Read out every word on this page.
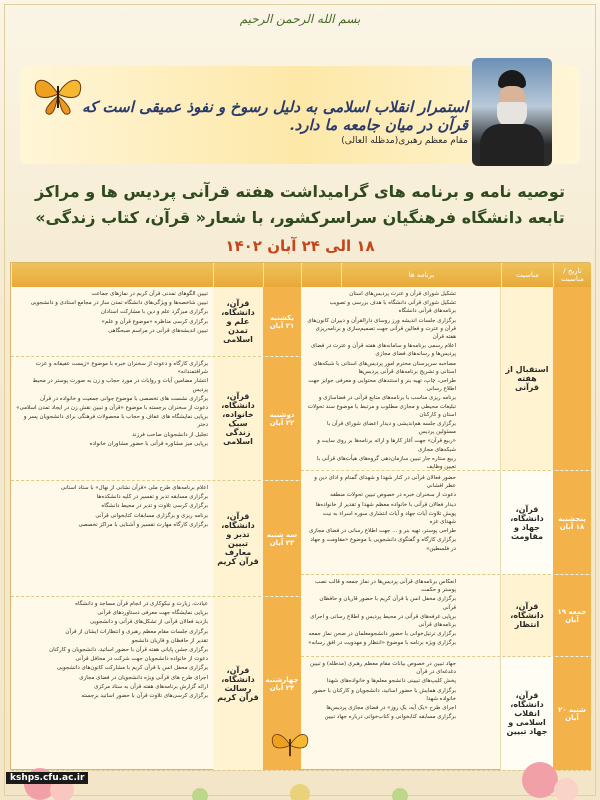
بسم الله الرحمن الرحیم
استمرار انقلاب اسلامی به دلیل رسوخ و نفوذ عمیقی است که قرآن در میان جامعه ما دارد.
مقام معظم رهبری(مدظله العالی)
توصیه نامه و برنامه های گرامیداشت هفته قرآنی پردیس ها و مراکز
تابعه دانشگاه فرهنگیان سراسرکشور، با شعار« قرآن، کتاب زندگی»
۱۸ الی ۲۴ آبان ۱۴۰۲
تاریخ / مناسبت
مناسبت
برنامه ها
استقبال از هفته قرآنی

تشکیل شورای قرآن و عترت پردیس‌های استان

تشکیل شورای قرآنی دانشگاه با هدف بررسی و تصویب برنامه‌های قرآنی دانشگاه

برگزاری جلسات اندیشه ورز روسای دارالقرآن و دبیران کانون‌های قرآن و عترت و فعالین قرآنی جهت تصمیم‌سازی و برنامه‌ریزی هفته قرآن

اعلام رسمی برنامه‌ها و سامانه‌های هفته قرآن و عترت در فضای پردیس‌ها و رسانه‌های فضای مجازی

مصاحبه سرپرستان محترم امور پردیس‌های استانی با شبکه‌های استانی و تشریح برنامه‌های قرآنی پردیس‌ها

طراحی، چاپ، تهیه بنر و استندهای محتوایی و معرفی جوایز جهت اطلاع رسانی

برنامه ریزی مناسب با برنامه‌های منابع قرآنی در فضاسازی و تبلیغات محیطی و مجازی مطلوب و مرتبط با موضوع سند تحولات استان و کارکنان

برگزاری جلسه هم‌اندیشی و دیدار اعضای شورای قرآن با مسئولین پردیس

«ربیع قرآن» جهت آغاز کارها و ارائه برنامه‌ها بر روی سایت و شبکه‌های مجازی

ربیع ستاره جار تبیین سازمان‌دهی گروه‌های هیأت‌های قرآنی با تعیین وظایف

پنجشنبه ۱۸ آبان
قرآن، دانشگاه، جهاد و مقاومت

حضور فعالان قرآنی در کنار شهدا و شهدای گمنام و ادای دین و عطر افشانی

دعوت از سخنران خبره در خصوص تبیین تحولات منطقه

دیدار فعالان قرآنی با خانواده معظم شهدا و تقدیر از خانواده‌ها

پویش تلاوت آیات جهاد و آیات انتشاری سوره اسراء به نیت شهدای غزه

طراحی پوستر، تهیه بنر و ... جهت اطلاع رسانی در فضای مجازی

برگزاری کارگاه و گفتگوی دانشجویی با موضوع «مقاومت و جهاد در فلسطین»

جمعه ۱۹ آبان
قرآن، دانشگاه، انتظار

انعکاس برنامه‌های قرآنی پردیس‌ها در نماز جمعه و قالب نصب پوستر و حکمت

برگزاری محفل انس با قرآن کریم با حضور قاریان و حافظان قرآنی

برپایی غرفه‌های قرآنی در محیط پردیس و اطلاع رسانی و اجرای برنامه‌های قرآنی

برگزاری ترتیل‌خوانی با حضور دانشجومعلمان در صحن نماز جمعه

برگزاری ویژه برنامه با موضوع «انتظار و مهدویت در افق رسانه»

شنبه ۲۰ آبان
قرآن، دانشگاه، انقلاب اسلامی و جهاد تبیین

جهاد تبیین در خصوص بیانات مقام معظم رهبری (مدظله) و تبیین دغدغه‌ای در قرآن

پخش کلیپ‌های تبیینی دانشجو معلم‌ها و خانواده‌های شهدا

برگزاری همایش با حضور اساتید، دانشجویان و کارکنان با حضور خانواده شهدا

اجرای طرح «یک آیه، یک روز» در فضای مجازی پردیس‌ها

برگزاری مسابقه کتابخوانی و کتاب‌خوانی درباره جهاد تبیین

یکشنبه ۲۱ آبان
قرآن، دانشگاه، علم و تمدن اسلامی

تبیین الگوهای تمدنی قرآن کریم در نمازهای جماعت

تبیین شاخصه‌ها و ویژگی‌های دانشگاه تمدن ساز در مجامع استادی و دانشجویی

برگزاری میزگرد علم و دین با مشارکت استادان

برگزاری کرسی مناظره «موضوع قرآن و علم»

تبیین اندیشه‌های قرآنی در مراسم صبحگاهی

دوشنبه ۲۲ آبان
قرآن، دانشگاه، خانواده، سبک زندگی اسلامی

برگزاری کارگاه و دعوت از سخنران خبره با موضوع «زیست عفیفانه و عزت شرافتمندانه»

انتشار مضامین آیات و روایات در مورد حجاب و زن به صورت پوستر در محیط پردیس

برگزاری نشست های تخصصی با موضوع جوانی جمعیت و خانواده در قرآن

دعوت از سخنران برجسته با موضوع «قرآن و تبیین نقش زن در ایجاد تمدن اسلامی»

برپایی نمایشگاه های عفاف و حجاب با محصولات فرهنگی برای دانشجویان پسر و دختر

تجلیل از دانشجویان صاحب فرزند

برپایی میز مشاوره قرآنی با حضور مشاوران خانواده

سه شنبه ۲۳ آبان
قرآن، دانشگاه، تدبر و تبیین معارف قرآن کریم

اعلام برنامه‌های طرح ملی «قرآن نشانی از نهال» با ستاد استانی

برگزاری مسابقه تدبر و تفسیر در کلیه دانشکده‌ها

برگزاری کرسی تلاوت و تدبر در محیط دانشگاه

برنامه ریزی و برگزاری مسابقات کتابخوانی قرآنی

برگزاری کارگاه مهارت تفسیر و آشنایی با مراکز تخصصی

چهارشنبه ۲۴ آبان
قرآن، دانشگاه، رسالت قرآن کریم

عیادت، زیارت و نیکوکاری در انجام قرآن مساجد و دانشگاه

برپایی نمایشگاه جهت معرفی دستاوردهای قرآنی

بازدید فعالان قرآنی از تشکل‌های قرآنی و دانشجویی

برگزاری جلسات مقام معظم رهبری و انتظارات ایشان از قرآن

تقدیر از حافظان و قاریان دانشجو

برگزاری جشن پایانی هفته قرآن با حضور اساتید، دانشجویان و کارکنان

دعوت از خانواده دانشجویان جهت شرکت در محافل قرآنی

برگزاری محفل انس با قرآن کریم با مشارکت کانون‌های دانشجویی

اجرای طرح های قرآنی ویژه دانشجویان در فضای مجازی

ارائه گزارش برنامه‌های هفته قرآن به ستاد مرکزی

برگزاری کرسی‌های تلاوت قرآن با حضور اساتید برجسته

kshps.cfu.ac.ir
